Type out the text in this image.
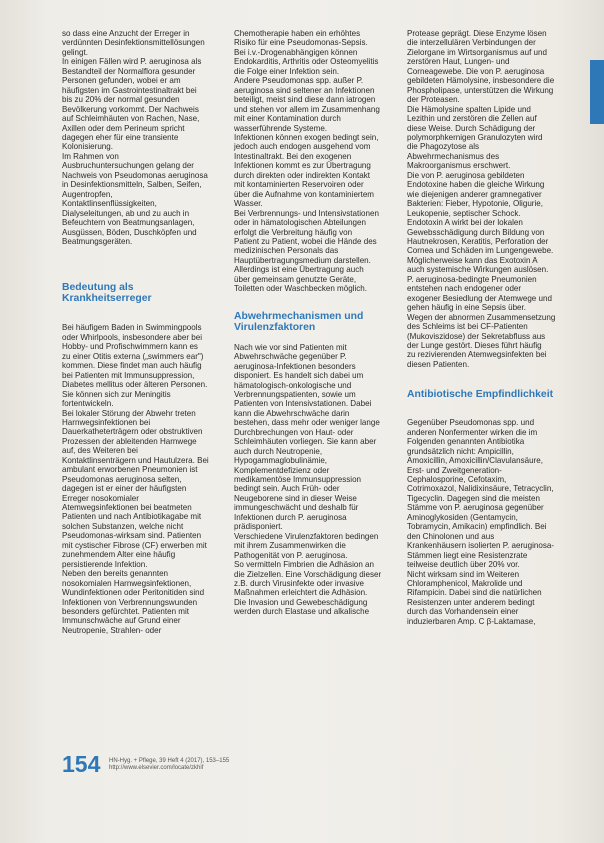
so dass eine Anzucht der Erreger in
verdünnten Desinfektionsmittellösungen
gelingt.
In einigen Fällen wird P. aeruginosa als
Bestandteil der Normalflora gesunder
Personen gefunden, wobei er am
häufigsten im Gastrointestinaltrakt bei
bis zu 20% der normal gesunden
Bevölkerung vorkommt. Der Nachweis
auf Schleimhäuten von Rachen, Nase,
Axillen oder dem Perineum spricht
dagegen eher für eine transiente
Kolonisierung.
Im Rahmen von
Ausbruchuntersuchungen gelang der
Nachweis von Pseudomonas aeruginosa
in Desinfektionsmitteln, Salben, Seifen,
Augentropfen,
Kontaktlinsenflüssigkeiten,
Dialyseleitungen, ab und zu auch in
Befeuchtern von Beatmungsanlagen,
Ausgüssen, Böden, Duschköpfen und
Beatmungsgeräten.

Bedeutung als
Krankheitserreger

Bei häufigem Baden in Swimmingpools
oder Whirlpools, insbesondere aber bei
Hobby- und Profischwimmern kann es
zu einer Otitis externa („swimmers ear")
kommen. Diese findet man auch häufig
bei Patienten mit Immunsuppression,
Diabetes mellitus oder älteren Personen.
Sie können sich zur Meningitis
fortentwickeln.
Bei lokaler Störung der Abwehr treten
Harnwegsinfektionen bei
Dauerkatheterträgern oder obstruktiven
Prozessen der ableitenden Harnwege
auf, des Weiteren bei
Kontaktlinsenträgern und Hautulzera. Bei
ambulant erworbenen Pneumonien ist
Pseudomonas aeruginosa selten,
dagegen ist er einer der häufigsten
Erreger nosokomialer
Atemwegsinfektionen bei beatmeten
Patienten und nach Antibiotikagabe mit
solchen Substanzen, welche nicht
Pseudomonas-wirksam sind. Patienten
mit cystischer Fibrose (CF) erwerben mit
zunehmendem Alter eine häufig
persistierende Infektion.
Neben den bereits genannten
nosokomialen Harnwegsinfektionen,
Wundinfektionen oder Peritonitiden sind
Infektionen von Verbrennungswunden
besonders gefürchtet. Patienten mit
Immunschwäche auf Grund einer
Neutropenie, Strahlen- oder

Chemotherapie haben ein erhöhtes
Risiko für eine Pseudomonas-Sepsis.
Bei i.v.-Drogenabhängigen können
Endokarditis, Arthritis oder Osteomyelitis
die Folge einer Infektion sein.
Andere Pseudomonas spp. außer P.
aeruginosa sind seltener an Infektionen
beteiligt, meist sind diese dann iatrogen
und stehen vor allem im Zusammenhang
mit einer Kontamination durch
wasserführende Systeme.
Infektionen können exogen bedingt sein,
jedoch auch endogen ausgehend vom
Intestinaltrakt. Bei den exogenen
Infektionen kommt es zur Übertragung
durch direkten oder indirekten Kontakt
mit kontaminierten Reservoiren oder
über die Aufnahme von kontaminiertem
Wasser.
Bei Verbrennungs- und Intensivstationen
oder in hämatologischen Abteilungen
erfolgt die Verbreitung häufig von
Patient zu Patient, wobei die Hände des
medizinischen Personals das
Hauptübertragungsmedium darstellen.
Allerdings ist eine Übertragung auch
über gemeinsam genutzte Geräte,
Toiletten oder Waschbecken möglich.

Abwehrmechanismen und
Virulenzfaktoren

Nach wie vor sind Patienten mit
Abwehrschwäche gegenüber P.
aeruginosa-Infektionen besonders
disponiert. Es handelt sich dabei um
hämatologisch-onkologische und
Verbrennungspatienten, sowie um
Patienten von Intensivstationen. Dabei
kann die Abwehrschwäche darin
bestehen, dass mehr oder weniger lange
Durchbrechungen von Haut- oder
Schleimhäuten vorliegen. Sie kann aber
auch durch Neutropenie,
Hypogammaglobulinämie,
Komplementdefizienz oder
medikamentöse Immunsuppression
bedingt sein. Auch Früh- oder
Neugeborene sind in dieser Weise
immungeschwächt und deshalb für
Infektionen durch P. aeruginosa
prädisponiert.
Verschiedene Virulenzfaktoren bedingen
mit ihrem Zusammenwirken die
Pathogenität von P. aeruginosa.
So vermitteln Fimbrien die Adhäsion an
die Zielzellen. Eine Vorschädigung dieser
z.B. durch Virusinfekte oder invasive
Maßnahmen erleichtert die Adhäsion.
Die Invasion und Gewebeschädigung
werden durch Elastase und alkalische

Protease geprägt. Diese Enzyme lösen
die interzellulären Verbindungen der
Zielorgane im Wirtsorganismus auf und
zerstören Haut, Lungen- und
Corneagewebe. Die von P. aeruginosa
gebildeten Hämolysine, insbesondere die
Phospholipase, unterstützen die Wirkung
der Proteasen.
Die Hämolysine spalten Lipide und
Lezithin und zerstören die Zellen auf
diese Weise. Durch Schädigung der
polymorphkernigen Granulozyten wird
die Phagozytose als
Abwehrmechanismus des
Makroorganismus erschwert.
Die von P. aeruginosa gebildeten
Endotoxine haben die gleiche Wirkung
wie diejenigen anderer gramnegativer
Bakterien: Fieber, Hypotonie, Oligurie,
Leukopenie, septischer Schock.
Endotoxin A wirkt bei der lokalen
Gewebsschädigung durch Bildung von
Hautnekrosen, Keratitis, Perforation der
Cornea und Schäden im Lungengewebe.
Möglicherweise kann das Exotoxin A
auch systemische Wirkungen auslösen.
P. aeruginosa-bedingte Pneumonien
entstehen nach endogener oder
exogener Besiedlung der Atemwege und
gehen häufig in eine Sepsis über.
Wegen der abnormen Zusammensetzung
des Schleims ist bei CF-Patienten
(Mukoviszidose) der Sekretabfluss aus
der Lunge gestört. Dieses führt häufig
zu rezivierenden Atemwegsinfekten bei
diesen Patienten.

Antibiotische Empfindlichkeit

Gegenüber Pseudomonas spp. und
anderen Nonfermenter wirken die im
Folgenden genannten Antibiotika
grundsätzlich nicht: Ampicillin,
Amoxicillin, Amoxicillin/Clavulansäure,
Erst- und Zweitgeneration-
Cephalosporine, Cefotaxim,
Cotrimoxazol, Nalidixinsäure, Tetracyclin,
Tigecyclin. Dagegen sind die meisten
Stämme von P. aeruginosa gegenüber
Aminoglykosiden (Gentamycin,
Tobramycin, Amikacin) empfindlich. Bei
den Chinolonen und aus
Krankenhäusern isolierten P. aeruginosa-
Stämmen liegt eine Resistenzrate
teilweise deutlich über 20% vor.
Nicht wirksam sind im Weiteren
Chloramphenicol, Makrolide und
Rifampicin. Dabei sind die natürlichen
Resistenzen unter anderem bedingt
durch das Vorhandensein einer
induzierbaren Amp. C β-Laktamase,

154 HN-Hyg. + Pflege, 39 Heft 4 (2017), 153–155
http://www.elsevier.com/locate/zkhif
